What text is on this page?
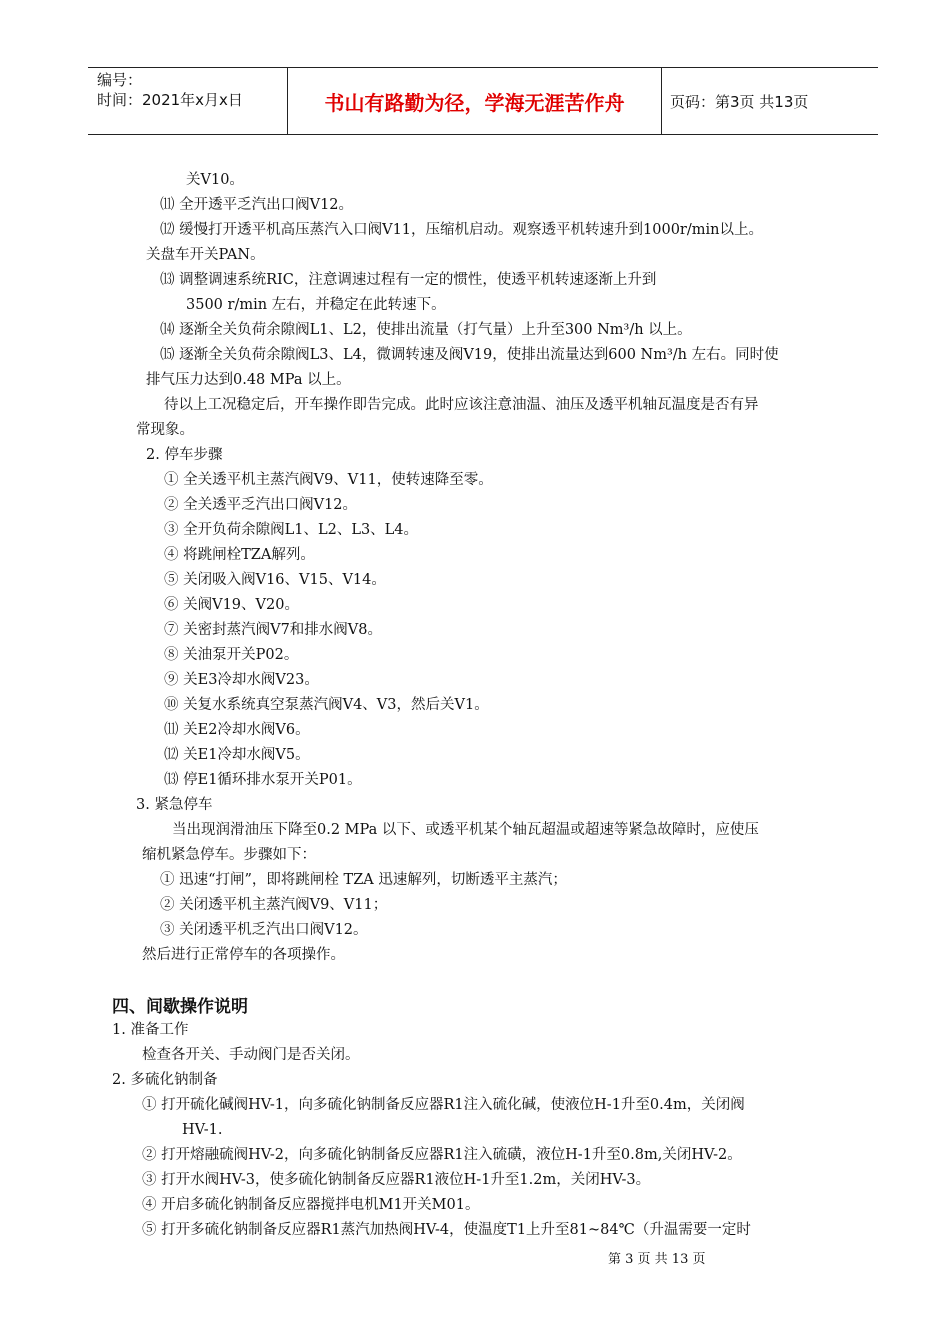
编号：
时间：2021年x月x日	书山有路勤为径，学海无涯苦作舟	页码：第3页 共13页
关V10。
⑾ 全开透平乏汽出口阀V12。
⑿ 缓慢打开透平机高压蒸汽入口阀V11，压缩机启动。观察透平机转速升到1000r/min以上。
关盘车开关PAN。
⒀ 调整调速系统RIC，注意调速过程有一定的惯性，使透平机转速逐渐上升到
3500 r/min 左右，并稳定在此转速下。
⒁ 逐渐全关负荷余隙阀L1、L2，使排出流量（打气量）上升至300 Nm³/h 以上。
⒂ 逐渐全关负荷余隙阀L3、L4，微调转速及阀V19，使排出流量达到600 Nm³/h 左右。同时使
排气压力达到0.48 MPa 以上。
待以上工况稳定后，开车操作即告完成。此时应该注意油温、油压及透平机轴瓦温度是否有异
常现象。
2. 停车步骤
① 全关透平机主蒸汽阀V9、V11，使转速降至零。
② 全关透平乏汽出口阀V12。
③ 全开负荷余隙阀L1、L2、L3、L4。
④ 将跳闸栓TZA解列。
⑤ 关闭吸入阀V16、V15、V14。
⑥ 关阀V19、V20。
⑦ 关密封蒸汽阀V7和排水阀V8。
⑧ 关油泵开关P02。
⑨ 关E3冷却水阀V23。
⑩ 关复水系统真空泵蒸汽阀V4、V3，然后关V1。
⑾ 关E2冷却水阀V6。
⑿ 关E1冷却水阀V5。
⒀ 停E1循环排水泵开关P01。
3. 紧急停车
当出现润滑油压下降至0.2 MPa 以下、或透平机某个轴瓦超温或超速等紧急故障时，应使压
缩机紧急停车。步骤如下：
① 迅速“打闸”，即将跳闸栓 TZA 迅速解列，切断透平主蒸汽；
② 关闭透平机主蒸汽阀V9、V11；
③ 关闭透平机乏汽出口阀V12。
然后进行正常停车的各项操作。
四、间歇操作说明
1. 准备工作
检查各开关、手动阀门是否关闭。
2. 多硫化钠制备
① 打开硫化碱阀HV-1，向多硫化钠制备反应器R1注入硫化碱，使液位H-1升至0.4m，关闭阀
HV-1.
② 打开熔融硫阀HV-2，向多硫化钠制备反应器R1注入硫磺，液位H-1升至0.8m,关闭HV-2。
③ 打开水阀HV-3，使多硫化钠制备反应器R1液位H-1升至1.2m，关闭HV-3。
④ 开启多硫化钠制备反应器搅拌电机M1开关M01。
⑤ 打开多硫化钠制备反应器R1蒸汽加热阀HV-4，使温度T1上升至81~84℃（升温需要一定时
第 3 页 共 13 页
